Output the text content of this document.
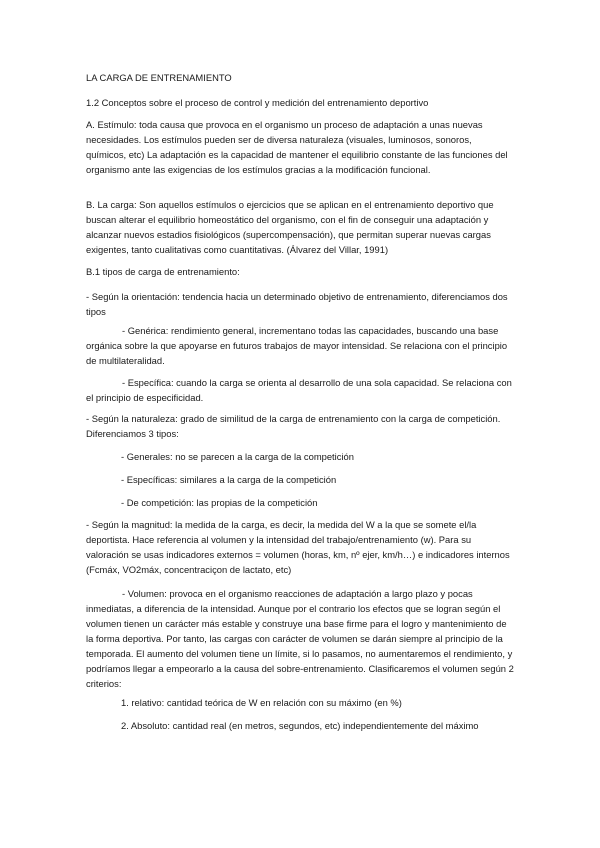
LA CARGA DE ENTRENAMIENTO

1.2 Conceptos sobre el proceso de control y medición del entrenamiento deportivo

A. Estímulo: toda causa que provoca en el organismo un proceso de adaptación a unas nuevas necesidades. Los estímulos pueden ser de diversa naturaleza (visuales, luminosos, sonoros, químicos, etc) La adaptación es la capacidad de mantener el equilibrio constante de las funciones del organismo ante las exigencias de los estímulos gracias a la modificación funcional.

B. La carga: Son aquellos estímulos o ejercicios que se aplican en el entrenamiento deportivo que buscan alterar el equilibrio homeostático del organismo, con el fin de conseguir una adaptación y alcanzar nuevos estadios fisiológicos (supercompensación), que permitan superar nuevas cargas exigentes, tanto cualitativas como cuantitativas. (Álvarez del Villar, 1991)

B.1 tipos de carga de entrenamiento:

- Según la orientación: tendencia hacia un determinado objetivo de entrenamiento, diferenciamos dos tipos

- Genérica: rendimiento general, incrementano todas las capacidades, buscando una base orgánica sobre la que apoyarse en futuros trabajos de mayor intensidad. Se relaciona con el principio de multilateralidad.

- Específica: cuando la carga se orienta al desarrollo de una sola capacidad. Se relaciona con el principio de especificidad.

- Según la naturaleza: grado de similitud de la carga de entrenamiento con la carga de competición. Diferenciamos 3 tipos:

- Generales: no se parecen a la carga de la competición

- Específicas: similares a la carga de la competición

- De competición: las propias de la competición

- Según la magnitud: la medida de la carga, es decir, la medida del W a la que se somete el/la deportista. Hace referencia al volumen y la intensidad del trabajo/entrenamiento (w). Para su valoración se usas indicadores externos = volumen (horas, km, nº ejer, km/h…) e indicadores internos (Fcmáx, VO2máx, concentraciçon de lactato, etc)

- Volumen: provoca en el organismo reacciones de adaptación a largo plazo y pocas inmediatas, a diferencia de la intensidad. Aunque por el contrario los efectos que se logran según el volumen tienen un carácter más estable y construye una base firme para el logro y mantenimiento de la forma deportiva. Por tanto, las cargas con carácter de volumen se darán siempre al principio de la temporada. El aumento del volumen tiene un límite, si lo pasamos, no aumentaremos el rendimiento, y podríamos llegar a empeorarlo a la causa del sobre-entrenamiento. Clasificaremos el volumen según 2 criterios:

1. relativo: cantidad teórica de W en relación con su máximo (en %)

2. Absoluto: cantidad real (en metros, segundos, etc) independientemente del máximo
